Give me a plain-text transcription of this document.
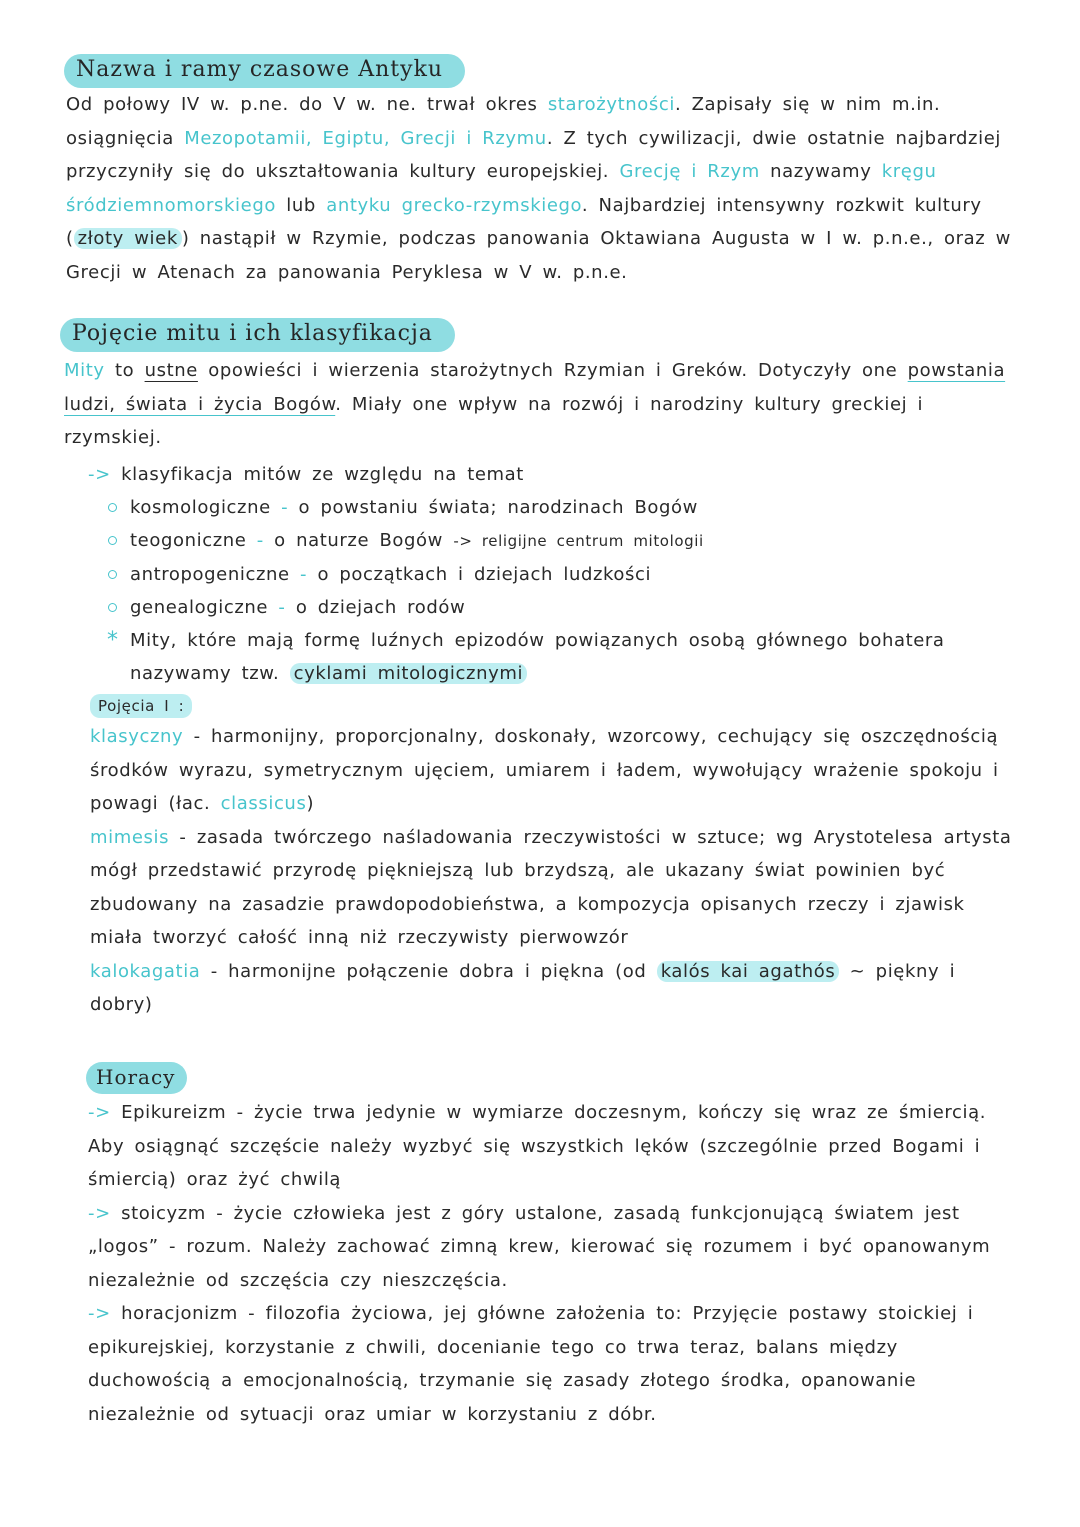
Nazwa i ramy czasowe Antyku

Od połowy IV w. p.ne. do V w. ne. trwał okres starożytności. Zapisały się w nim m.in. osiągnięcia Mezopotamii, Egiptu, Grecji i Rzymu. Z tych cywilizacji, dwie ostatnie najbardziej przyczyniły się do ukształtowania kultury europejskiej. Grecję i Rzym nazywamy kręgu śródziemnomorskiego lub antyku grecko-rzymskiego. Najbardziej intensywny rozkwit kultury ( złoty wiek ) nastąpił w Rzymie, podczas panowania Oktawiana Augusta w I w. p.n.e., oraz w Grecji w Atenach za panowania Peryklesa w V w. p.n.e.

Pojęcie mitu i ich klasyfikacja

Mity to ustne opowieści i wierzenia starożytnych Rzymian i Greków. Dotyczyły one powstania ludzi, świata i życia Bogów. Miały one wpływ na rozwój i narodziny kultury greckiej i rzymskiej.

-> klasyfikacja mitów ze względu na temat

kosmologiczne - o powstaniu świata; narodzinach Bogów
teogoniczne - o naturze Bogów -> religijne centrum mitologii
antropogeniczne - o początkach i dziejach ludzkości
genealogiczne - o dziejach rodów
* Mity, które mają formę luźnych epizodów powiązanych osobą głównego bohatera nazywamy tzw. cyklami mitologicznymi

Pojęcia I :

klasyczny - harmonijny, proporcjonalny, doskonały, wzorcowy, cechujący się oszczędnością środków wyrazu, symetrycznym ujęciem, umiarem i ładem, wywołujący wrażenie spokoju i powagi (łac. classicus)

mimesis - zasada twórczego naśladowania rzeczywistości w sztuce; wg Arystotelesa artysta mógł przedstawić przyrodę piękniejszą lub brzydszą, ale ukazany świat powinien być zbudowany na zasadzie prawdopodobieństwa, a kompozycja opisanych rzeczy i zjawisk miała tworzyć całość inną niż rzeczywisty pierwowzór

kalokagatia - harmonijne połączenie dobra i piękna (od kalós kai agathós ~ piękny i dobry)

Horacy

-> Epikureizm - życie trwa jedynie w wymiarze doczesnym, kończy się wraz ze śmiercią. Aby osiągnąć szczęście należy wyzbyć się wszystkich lęków (szczególnie przed Bogami i śmiercią) oraz żyć chwilą

-> stoicyzm - życie człowieka jest z góry ustalone, zasadą funkcjonującą światem jest „logos” - rozum. Należy zachować zimną krew, kierować się rozumem i być opanowanym niezależnie od szczęścia czy nieszczęścia.

-> horacjonizm - filozofia życiowa, jej główne założenia to: Przyjęcie postawy stoickiej i epikurejskiej, korzystanie z chwili, docenianie tego co trwa teraz, balans między duchowością a emocjonalnością, trzymanie się zasady złotego środka, opanowanie niezależnie od sytuacji oraz umiar w korzystaniu z dóbr.
